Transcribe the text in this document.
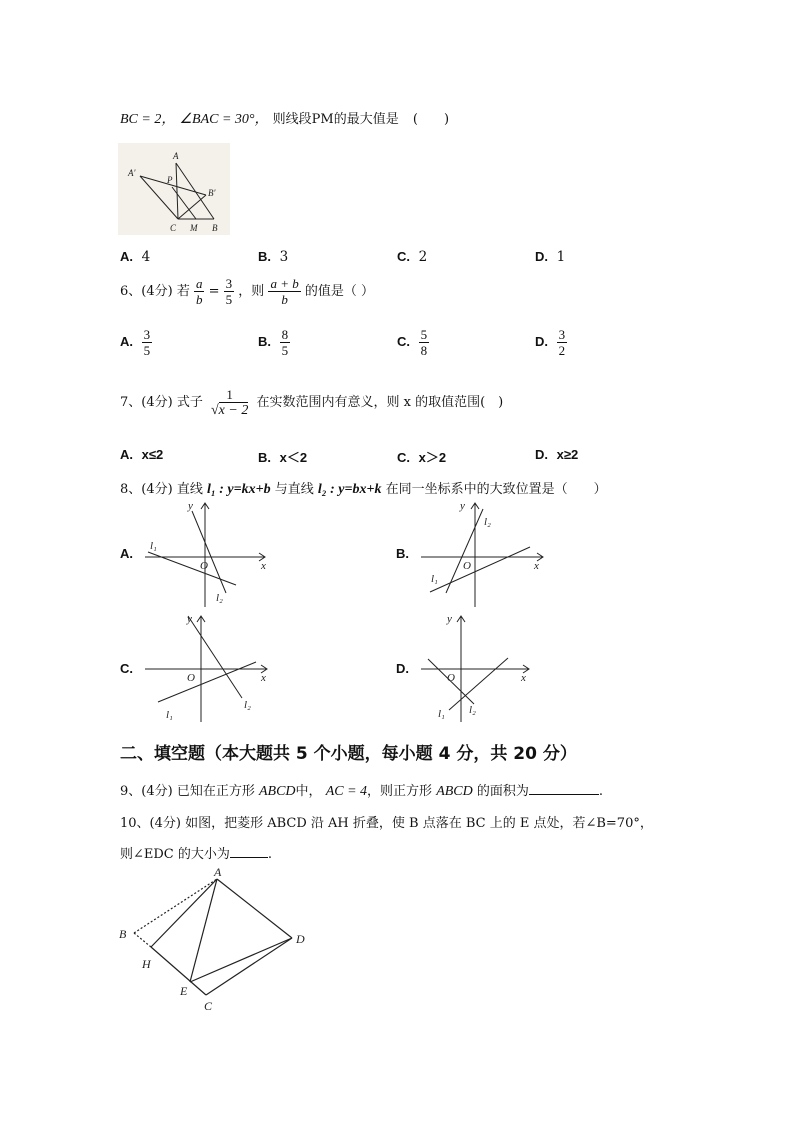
BC = 2， ∠BAC = 30°， 则线段PM的最大值是 (　　)
A'
A
P
B'
C M B
A. 4	B. 3	C. 2	D. 1
6、(4分) 若 $\frac{a}{b} = \frac{3}{5}$ ，则 $\frac{a + b}{b}$ 的值是（ ）
A. $\frac{3}{5}$	B. $\frac{8}{5}$	C. $\frac{5}{8}$	D. $\frac{3}{2}$
7、(4分) 式子 $\frac{1}{√x - 2}$ 在实数范围内有意义，则 x 的取值范围(　)
A. x≤2	B. x＜2	C. x＞2	D. x≥2
8、(4分) 直线 l₁ : y=kx+b 与直线 l₂ : y=bx+k 在同一坐标系中的大致位置是（　　）
A.
y
x
O
l₁
l₂
B.
y
x
O
l₁
l₂
C.
y
x
O
l₁
l₂
D.
y
x
O
l₁ l₂
二、填空题（本大题共 5 个小题，每小题 4 分，共 20 分）
9、(4分) 已知在正方形 ABCD中， AC = 4，则正方形 ABCD 的面积为	.
10、(4分) 如图，把菱形 ABCD 沿 AH 折叠，使 B 点落在 BC 上的 E 点处，若∠B=70°，
则∠EDC 的大小为	.
A
B
H
E
C
D
